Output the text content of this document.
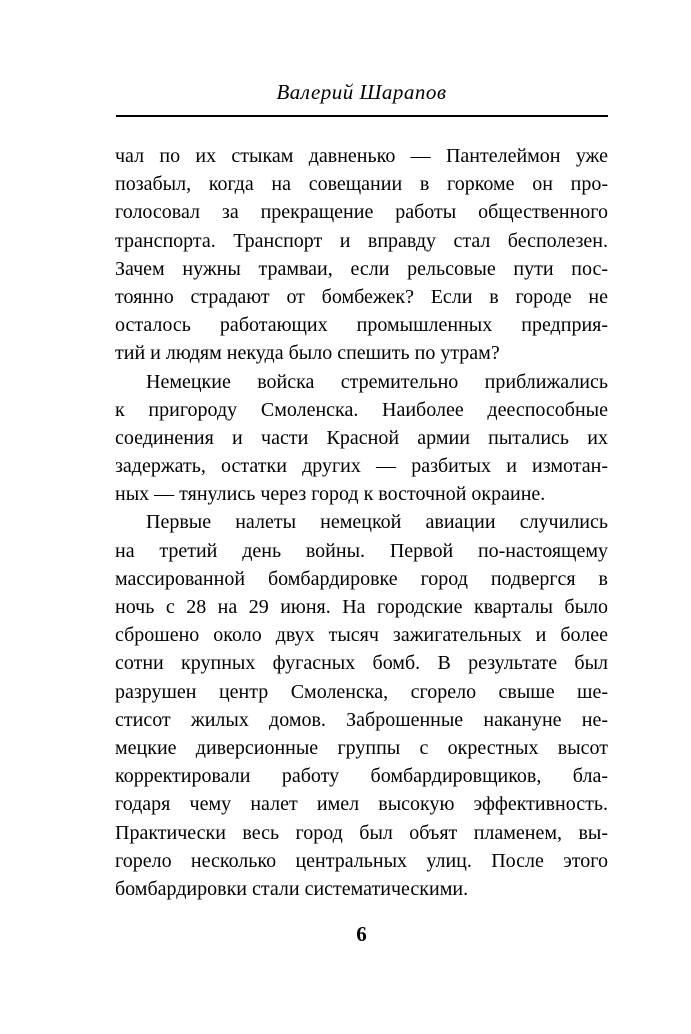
Валерий Шарапов
чал по их стыкам давненько — Пантелеймон уже
позабыл, когда на совещании в горкоме он про-
голосовал за прекращение работы общественного
транспорта. Транспорт и вправду стал бесполезен.
Зачем нужны трамваи, если рельсовые пути пос-
тоянно страдают от бомбежек? Если в городе не
осталось работающих промышленных предприя-
тий и людям некуда было спешить по утрам?
Немецкие войска стремительно приближались
к пригороду Смоленска. Наиболее дееспособные
соединения и части Красной армии пытались их
задержать, остатки других — разбитых и измотан-
ных — тянулись через город к восточной окраине.
Первые налеты немецкой авиации случились
на третий день войны. Первой по-настоящему
массированной бомбардировке город подвергся в
ночь с 28 на 29 июня. На городские кварталы было
сброшено около двух тысяч зажигательных и более
сотни крупных фугасных бомб. В результате был
разрушен центр Смоленска, сгорело свыше ше-
стисот жилых домов. Заброшенные накануне не-
мецкие диверсионные группы с окрестных высот
корректировали работу бомбардировщиков, бла-
годаря чему налет имел высокую эффективность.
Практически весь город был объят пламенем, вы-
горело несколько центральных улиц. После этого
бомбардировки стали систематическими.
6
